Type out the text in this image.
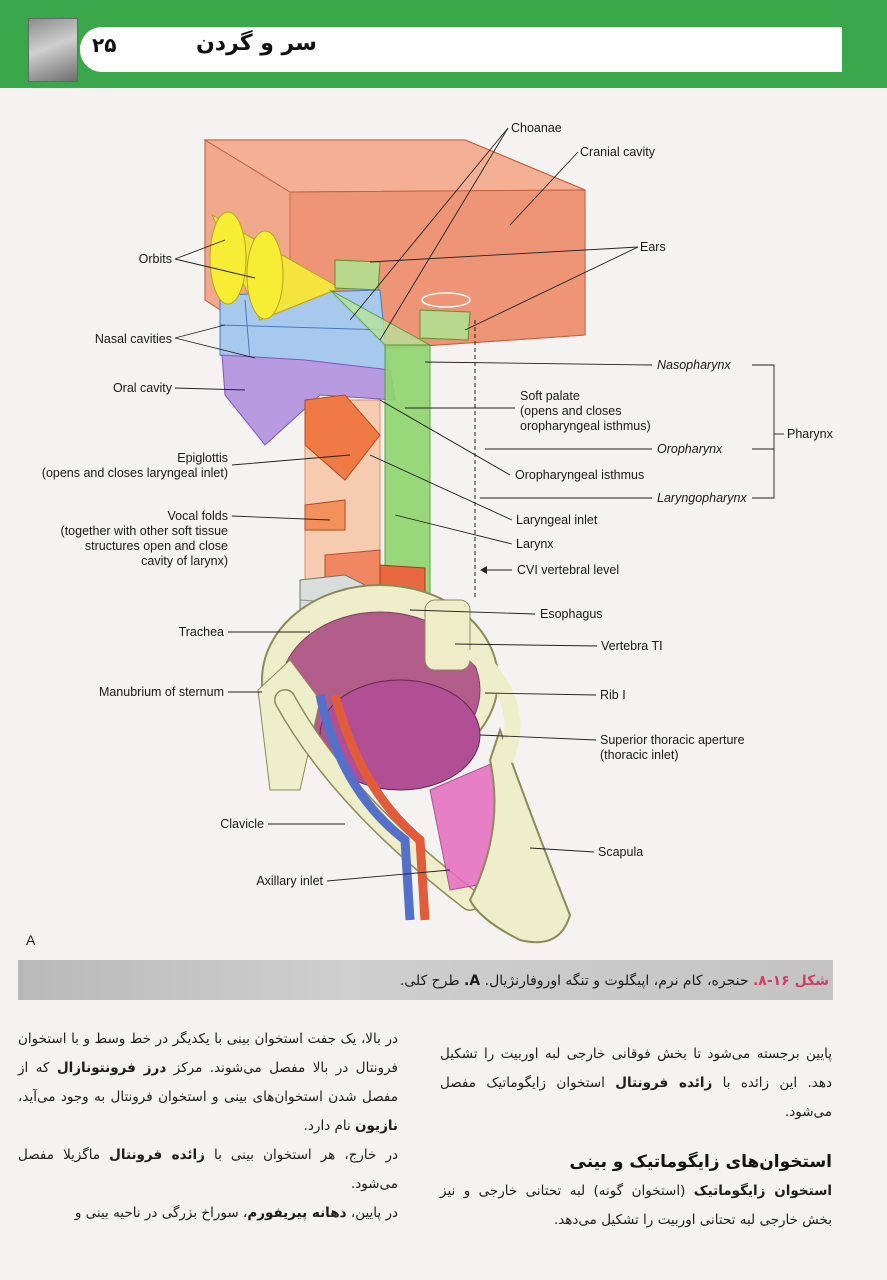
۲۵	سر و گردن
Orbits
Nasal cavities
Oral cavity
Epiglottis
(opens and closes laryngeal inlet)
Vocal folds
(together with other soft tissue
structures open and close
cavity of larynx)
Trachea
Manubrium of sternum
Clavicle
Axillary inlet
Choanae
Cranial cavity
Ears
Nasopharynx
Soft palate
(opens and closes
oropharyngeal isthmus)
Oropharynx
Pharynx
Oropharyngeal isthmus
Laryngopharynx
Laryngeal inlet
Larynx
CVI vertebral level
Esophagus
Vertebra TI
Rib I
Superior thoracic aperture
(thoracic inlet)
Scapula
A
شکل ۱۶-۸. حنجره، کام نرم، اپیگلوت و تنگه اوروفارنژیال. A. طرح کلی.

در بالا، یک جفت استخوان بینی با یکدیگر در خط وسط و با استخوان فرونتال در بالا مفصل می‌شوند. مرکز درز فرونتونازال که از مفصل شدن استخوان‌های بینی و استخوان فرونتال به وجود می‌آید، نازیون نام دارد.

در خارج، هر استخوان بینی با زائده فرونتال ماگزیلا مفصل می‌شود.

در پایین، دهانه پیریفورم، سوراخ بزرگی در ناحیه بینی و

پایین برجسته می‌شود تا بخش فوقانی خارجی لبه اوربیت را تشکیل دهد. این زائده با زائده فرونتال استخوان زایگوماتیک مفصل می‌شود.

استخوان‌های زایگوماتیک و بینی

استخوان زایگوماتیک (استخوان گونه) لبه تحتانی خارجی و نیز بخش خارجی لبه تحتانی اوربیت را تشکیل می‌دهد.
